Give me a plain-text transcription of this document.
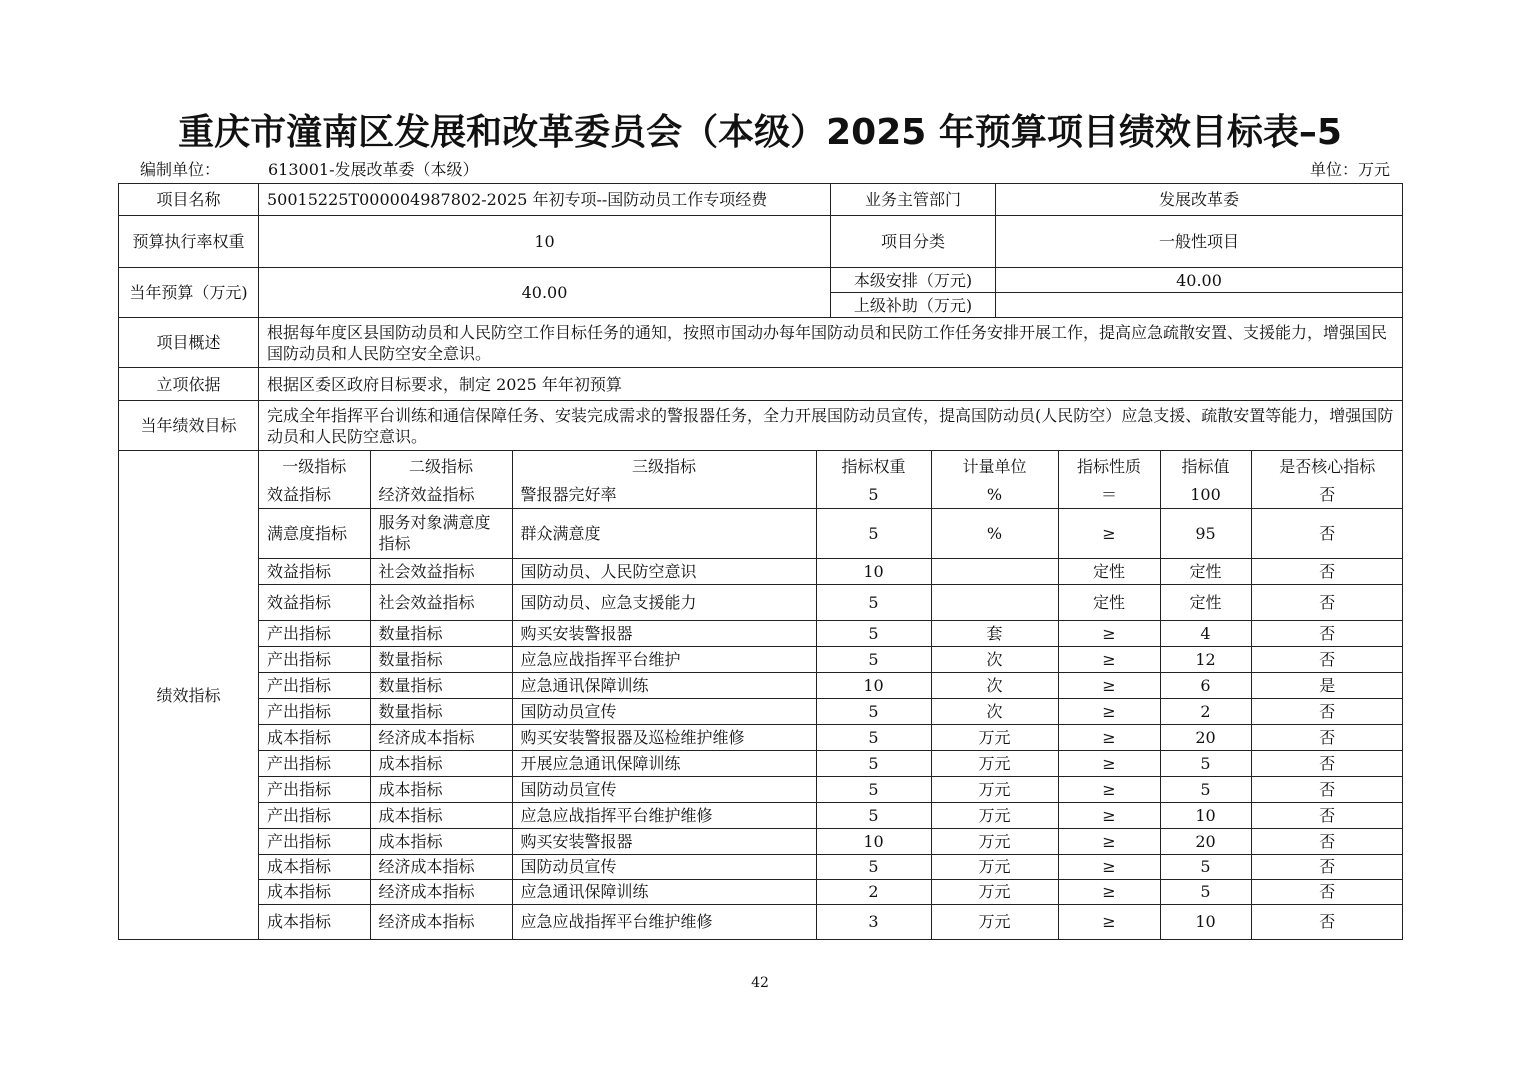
重庆市潼南区发展和改革委员会（本级）2025 年预算项目绩效目标表–5
编制单位：	613001-发展改革委（本级）	单位：万元
项目名称	50015225T000004987802-2025 年初专项--国防动员工作专项经费	业务主管部门	发展改革委
预算执行率权重	10	项目分类	一般性项目
当年预算（万元)	40.00	本级安排（万元)	40.00
上级补助（万元)	
项目概述	根据每年度区县国防动员和人民防空工作目标任务的通知，按照市国动办每年国防动员和民防工作任务安排开展工作，提高应急疏散安置、支援能力，增强国民国防动员和人民防空安全意识。
立项依据	根据区委区政府目标要求，制定 2025 年年初预算
当年绩效目标	完成全年指挥平台训练和通信保障任务、安装完成需求的警报器任务，全力开展国防动员宣传，提高国防动员(人民防空）应急支援、疏散安置等能力，增强国防动员和人民防空意识。
绩效指标	
一级指标	二级指标	三级指标	指标权重	计量单位	指标性质	指标值	是否核心指标
效益指标	经济效益指标	警报器完好率	5	%	＝	100	否
满意度指标	服务对象满意度指标	群众满意度	5	%	≥	95	否
效益指标	社会效益指标	国防动员、人民防空意识	10		定性	定性	否
效益指标	社会效益指标	国防动员、应急支援能力	5		定性	定性	否
产出指标	数量指标	购买安装警报器	5	套	≥	4	否
产出指标	数量指标	应急应战指挥平台维护	5	次	≥	12	否
产出指标	数量指标	应急通讯保障训练	10	次	≥	6	是
产出指标	数量指标	国防动员宣传	5	次	≥	2	否
成本指标	经济成本指标	购买安装警报器及巡检维护维修	5	万元	≥	20	否
产出指标	成本指标	开展应急通讯保障训练	5	万元	≥	5	否
产出指标	成本指标	国防动员宣传	5	万元	≥	5	否
产出指标	成本指标	应急应战指挥平台维护维修	5	万元	≥	10	否
产出指标	成本指标	购买安装警报器	10	万元	≥	20	否
成本指标	经济成本指标	国防动员宣传	5	万元	≥	5	否
成本指标	经济成本指标	应急通讯保障训练	2	万元	≥	5	否
成本指标	经济成本指标	应急应战指挥平台维护维修	3	万元	≥	10	否
42
